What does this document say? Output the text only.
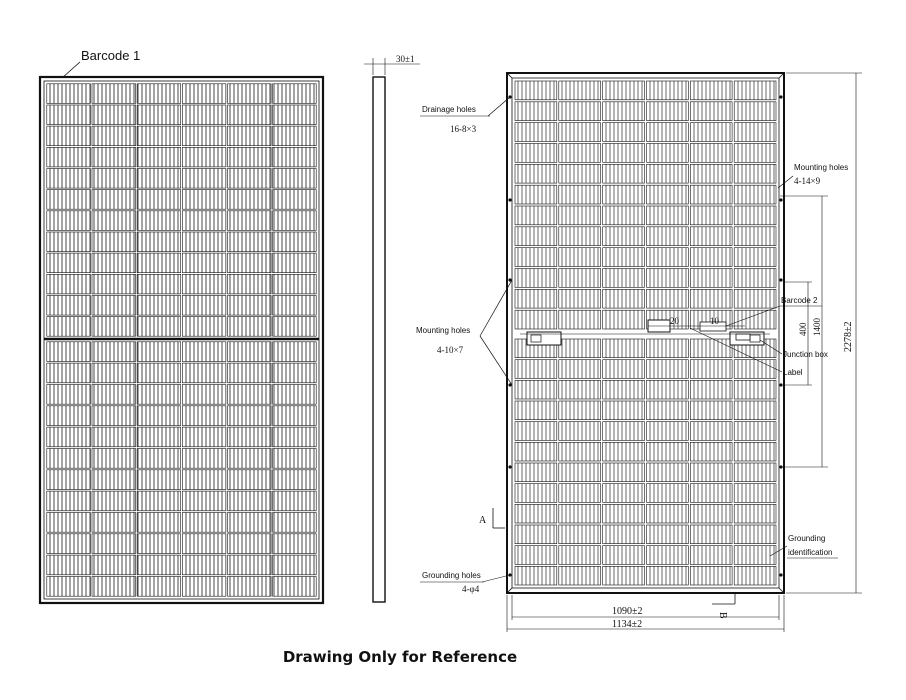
Barcode 1	30±1
Drainage holes
16-8×3
Mounting holes
4-14×9
Mounting holes
4-10×7
1400
400
Barcode 2
Junction box
Label
20	10
2278±2
Grounding
identification
Grounding holes
4-φ4
A
B
1090±2
1134±2
Drawing Only for Reference
